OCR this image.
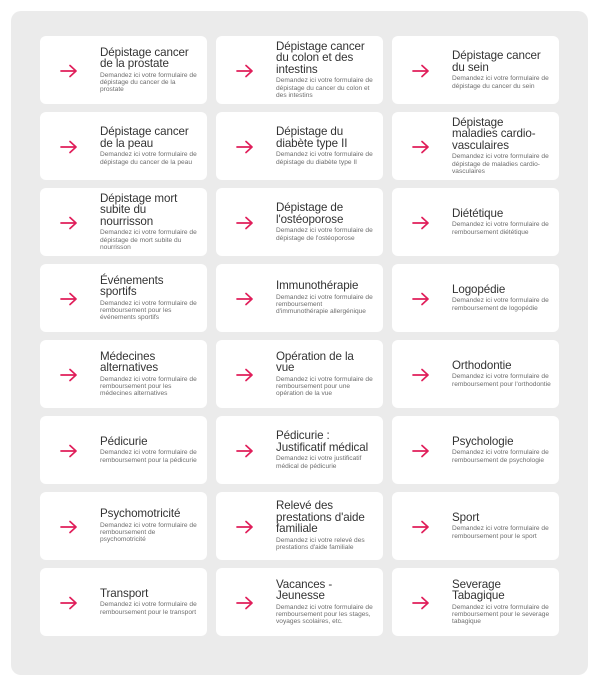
Dépistage cancer de la prostate

Demandez ici votre formulaire de dépistage du cancer de la prostate

Dépistage cancer du colon et des intestins

Demandez ici votre formulaire de dépistage du cancer du colon et des intestins

Dépistage cancer du sein

Demandez ici votre formulaire de dépistage du cancer du sein

Dépistage cancer de la peau

Demandez ici votre formulaire de dépistage du cancer de la peau

Dépistage du diabète type II

Demandez ici votre formulaire de dépistage du diabète type II

Dépistage maladies cardio-vasculaires

Demandez ici votre formulaire de dépistage de maladies cardio-vasculaires

Dépistage mort subite du nourrisson

Demandez ici votre formulaire de dépistage de mort subite du nourrisson

Dépistage de l'ostéoporose

Demandez ici votre formulaire de dépistage de l'ostéoporose

Diététique

Demandez ici votre formulaire de remboursement diététique

Événements sportifs

Demandez ici votre formulaire de remboursement pour les événements sportifs

Immunothérapie

Demandez ici votre formulaire de remboursement d'immunothérapie allergénique

Logopédie

Demandez ici votre formulaire de remboursement de logopédie

Médecines alternatives

Demandez ici votre formulaire de remboursement pour les médecines alternatives

Opération de la vue

Demandez ici votre formulaire de remboursement pour une opération de la vue

Orthodontie

Demandez ici votre formulaire de remboursement pour l'orthodontie

Pédicurie

Demandez ici votre formulaire de remboursement pour la pédicurie

Pédicurie : Justificatif médical

Demandez ici votre justificatif médical de pédicurie

Psychologie

Demandez ici votre formulaire de remboursement de psychologie

Psychomotricité

Demandez ici votre formulaire de remboursement de psychomotricité

Relevé des prestations d'aide familiale

Demandez ici votre relevé des prestations d'aide familiale

Sport

Demandez ici votre formulaire de remboursement pour le sport

Transport

Demandez ici votre formulaire de remboursement pour le transport

Vacances - Jeunesse

Demandez ici votre formulaire de remboursement pour les stages, voyages scolaires, etc.

Severage Tabagique

Demandez ici votre formulaire de remboursement pour le severage tabagique
